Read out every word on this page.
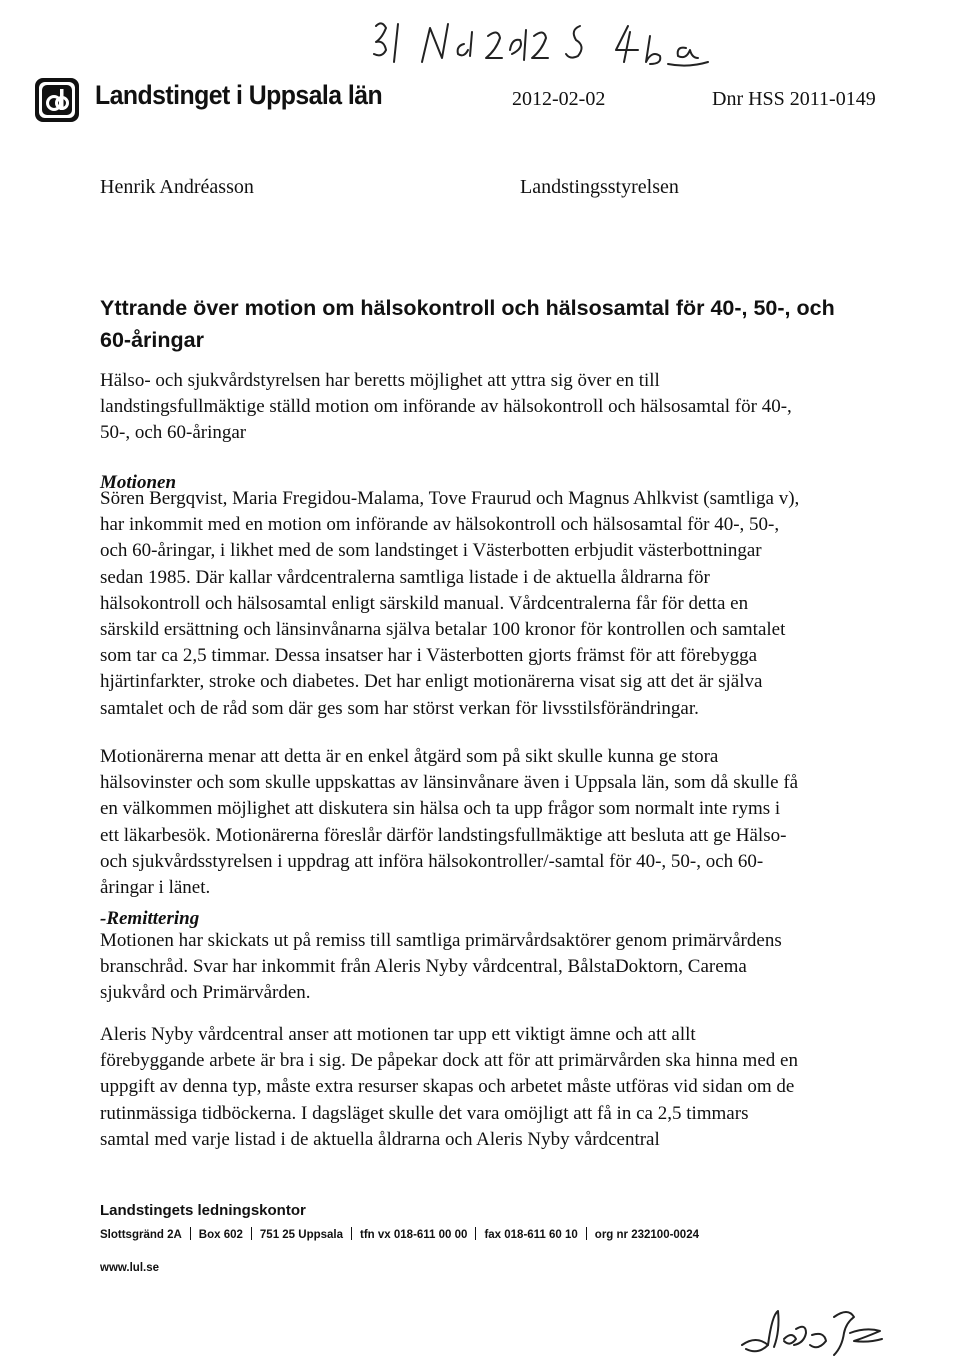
Landstinget i Uppsala län	2012-02-02	Dnr HSS 2011-0149
Henrik Andréasson	Landstingsstyrelsen
Yttrande över motion om hälsokontroll och hälsosamtal för 40-, 50-, och 60-åringar
Hälso- och sjukvårdstyrelsen har beretts möjlighet att yttra sig över en till landstingsfullmäktige ställd motion om införande av hälsokontroll och hälsosamtal för 40-, 50-, och 60-åringar
Motionen
Sören Bergqvist, Maria Fregidou-Malama, Tove Fraurud och Magnus Ahlkvist (samtliga v), har inkommit med en motion om införande av hälsokontroll och hälsosamtal för 40-, 50-, och 60-åringar, i likhet med de som landstinget i Västerbotten erbjudit västerbottningar sedan 1985. Där kallar vårdcentralerna samtliga listade i de aktuella åldrarna för hälsokontroll och hälsosamtal enligt särskild manual. Vårdcentralerna får för detta en särskild ersättning och länsinvånarna själva betalar 100 kronor för kontrollen och samtalet som tar ca 2,5 timmar. Dessa insatser har i Västerbotten gjorts främst för att förebygga hjärtinfarkter, stroke och diabetes. Det har enligt motionärerna visat sig att det är själva samtalet och de råd som där ges som har störst verkan för livsstilsförändringar.
Motionärerna menar att detta är en enkel åtgärd som på sikt skulle kunna ge stora hälsovinster och som skulle uppskattas av länsinvånare även i Uppsala län, som då skulle få en välkommen möjlighet att diskutera sin hälsa och ta upp frågor som normalt inte ryms i ett läkarbesök. Motionärerna föreslår därför landstingsfullmäktige att besluta att ge Hälso- och sjukvårdsstyrelsen i uppdrag att införa hälsokontroller/-samtal för 40-, 50-, och 60-åringar i länet.
-Remittering
Motionen har skickats ut på remiss till samtliga primärvårdsaktörer genom primärvårdens branschråd. Svar har inkommit från Aleris Nyby vårdcentral, BålstaDoktorn, Carema sjukvård och Primärvården.
Aleris Nyby vårdcentral anser att motionen tar upp ett viktigt ämne och att allt förebyggande arbete är bra i sig. De påpekar dock att för att primärvården ska hinna med en uppgift av denna typ, måste extra resurser skapas och arbetet måste utföras vid sidan om de rutinmässiga tidböckerna. I dagsläget skulle det vara omöjligt att få in ca 2,5 timmars samtal med varje listad i de aktuella åldrarna och Aleris Nyby vårdcentral
Landstingets ledningskontor
Slottsgränd 2A Box 602 751 25 Uppsala tfn vx 018-611 00 00 fax 018-611 60 10 org nr 232100-0024
www.lul.se
